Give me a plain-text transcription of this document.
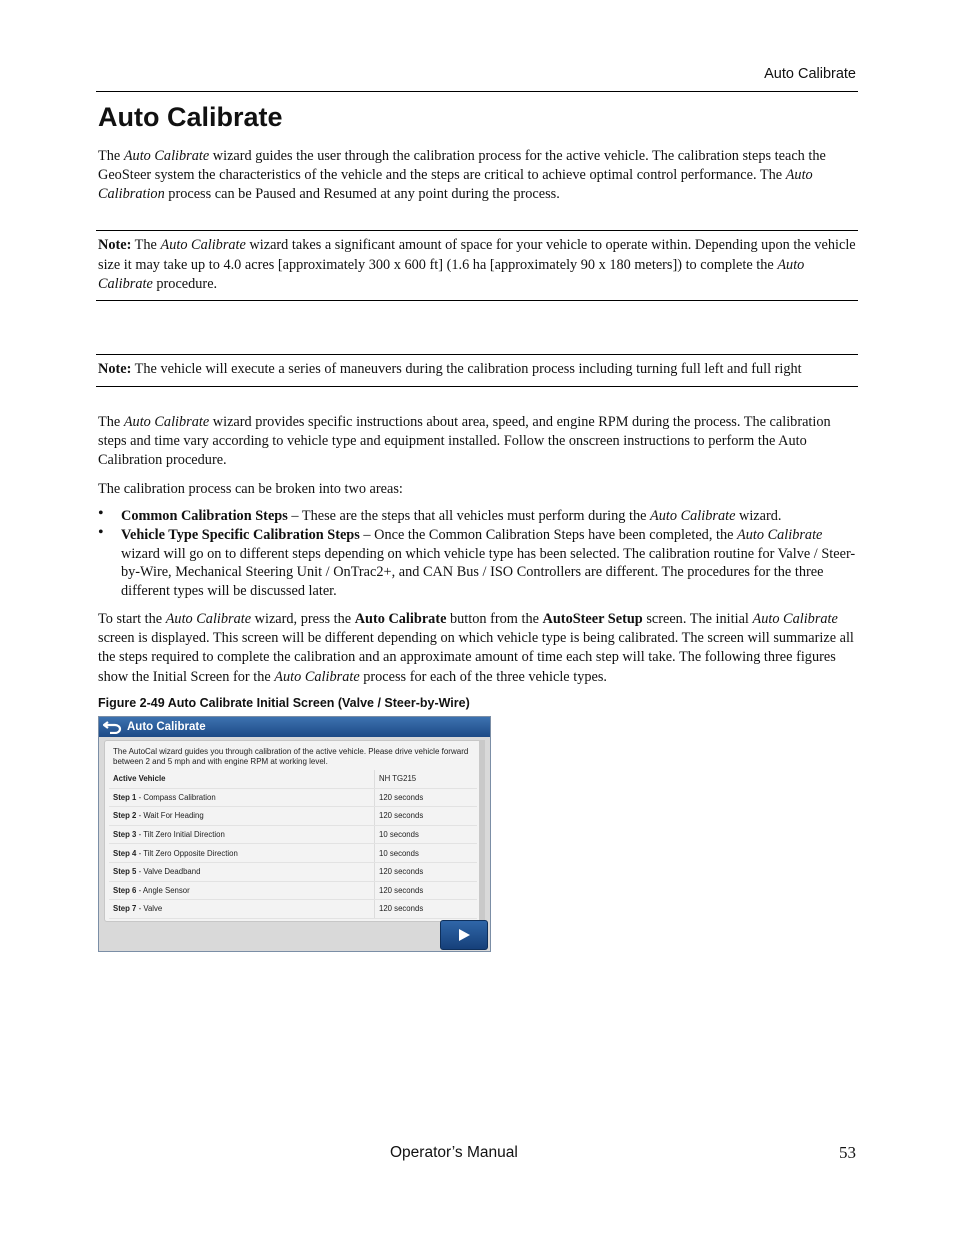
Auto Calibrate
Auto Calibrate

The Auto Calibrate wizard guides the user through the calibration process for the active vehicle. The calibration steps teach the GeoSteer system the characteristics of the vehicle and the steps are critical to achieve optimal control performance. The Auto Calibration process can be Paused and Resumed at any point during the process.

Note: The Auto Calibrate wizard takes a significant amount of space for your vehicle to operate within. Depending upon the vehicle size it may take up to 4.0 acres [approximately 300 x 600 ft] (1.6 ha [approximately 90 x 180 meters]) to complete the Auto Calibrate procedure.

Note: The vehicle will execute a series of maneuvers during the calibration process including turning full left and full right

The Auto Calibrate wizard provides specific instructions about area, speed, and engine RPM during the process. The calibration steps and time vary according to vehicle type and equipment installed. Follow the onscreen instructions to perform the Auto Calibration procedure.

The calibration process can be broken into two areas:

• Common Calibration Steps – These are the steps that all vehicles must perform during the Auto Calibrate wizard.
• Vehicle Type Specific Calibration Steps – Once the Common Calibration Steps have been completed, the Auto Calibrate wizard will go on to different steps depending on which vehicle type has been selected. The calibration routine for Valve / Steer-by-Wire, Mechanical Steering Unit / OnTrac2+, and CAN Bus / ISO Controllers are different. The procedures for the three different types will be discussed later.

To start the Auto Calibrate wizard, press the Auto Calibrate button from the AutoSteer Setup screen. The initial Auto Calibrate screen is displayed. This screen will be different depending on which vehicle type is being calibrated. The screen will summarize all the steps required to complete the calibration and an approximate amount of time each step will take. The following three figures show the Initial Screen for the Auto Calibrate process for each of the three vehicle types.

Figure 2-49 Auto Calibrate Initial Screen (Valve / Steer-by-Wire)
Auto Calibrate
The AutoCal wizard guides you through calibration of the active vehicle. Please drive vehicle forward between 2 and 5 mph and with engine RPM at working level.
Active Vehicle	NH TG215
Step 1 - Compass Calibration	120 seconds
Step 2 - Wait For Heading	120 seconds
Step 3 - Tilt Zero Initial Direction	10 seconds
Step 4 - Tilt Zero Opposite Direction	10 seconds
Step 5 - Valve Deadband	120 seconds
Step 6 - Angle Sensor	120 seconds
Step 7 - Valve	120 seconds
Operator’s Manual	53
